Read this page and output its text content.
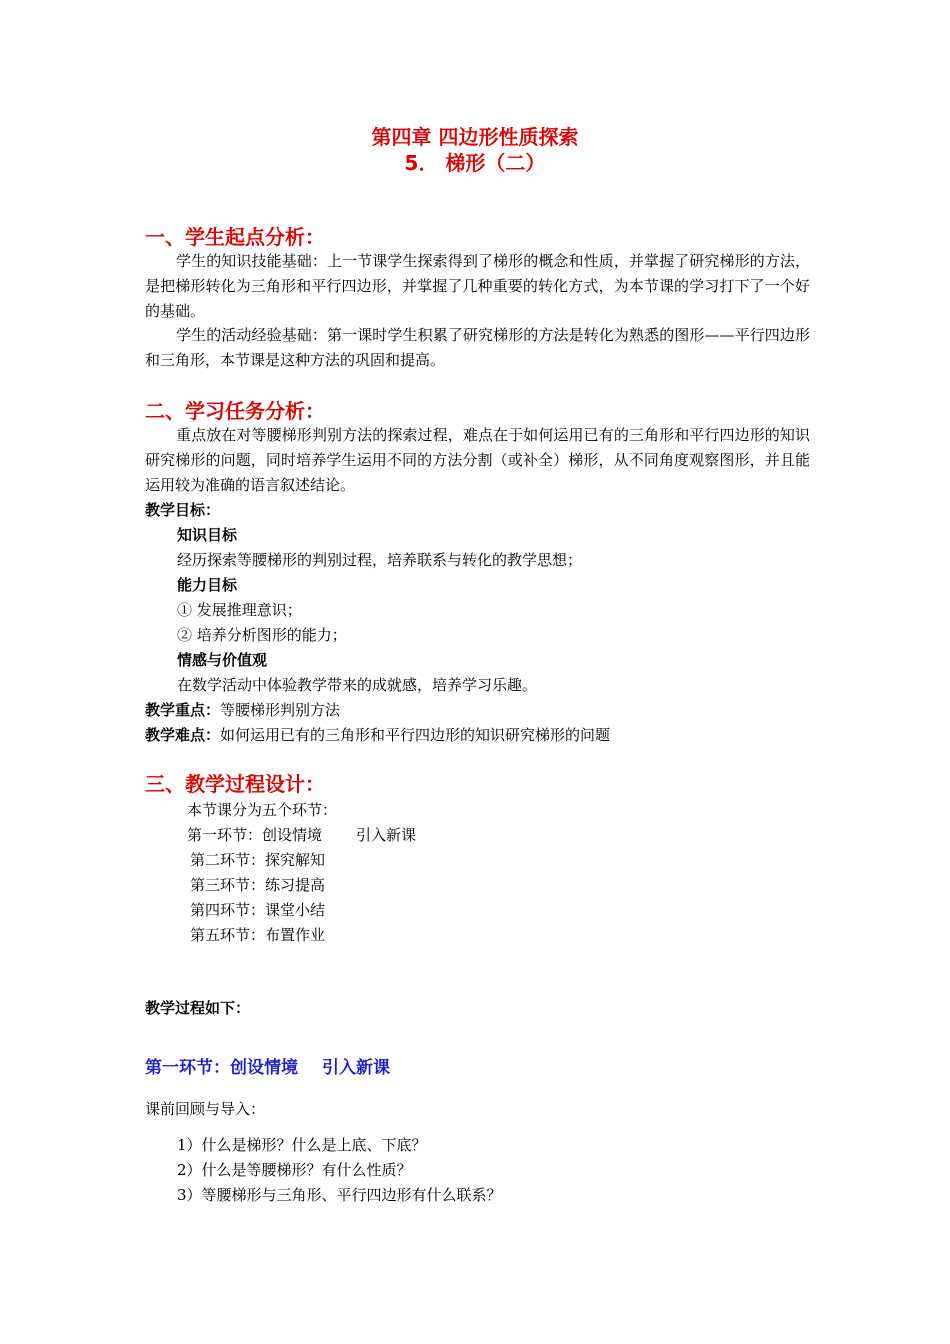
第四章 四边形性质探索
5． 梯形（二）
一、学生起点分析：
学生的知识技能基础：上一节课学生探索得到了梯形的概念和性质，并掌握了研究梯形的方法，是把梯形转化为三角形和平行四边形，并掌握了几种重要的转化方式，为本节课的学习打下了一个好的基础。
学生的活动经验基础：第一课时学生积累了研究梯形的方法是转化为熟悉的图形——平行四边形和三角形，本节课是这种方法的巩固和提高。
二、学习任务分析：
重点放在对等腰梯形判别方法的探索过程，难点在于如何运用已有的三角形和平行四边形的知识研究梯形的问题，同时培养学生运用不同的方法分割（或补全）梯形，从不同角度观察图形，并且能运用较为准确的语言叙述结论。
教学目标：
知识目标
经历探索等腰梯形的判别过程，培养联系与转化的教学思想；
能力目标
① 发展推理意识；
② 培养分析图形的能力；
情感与价值观
在数学活动中体验教学带来的成就感，培养学习乐趣。
教学重点：等腰梯形判别方法
教学难点：如何运用已有的三角形和平行四边形的知识研究梯形的问题
三、教学过程设计：
本节课分为五个环节：
第一环节：创设情境 引入新课
第二环节：探究解知
第三环节：练习提高
第四环节：课堂小结
第五环节：布置作业
教学过程如下：
第一环节：创设情境 引入新课
课前回顾与导入：
1）什么是梯形？什么是上底、下底？
2）什么是等腰梯形？有什么性质？
3）等腰梯形与三角形、平行四边形有什么联系？
